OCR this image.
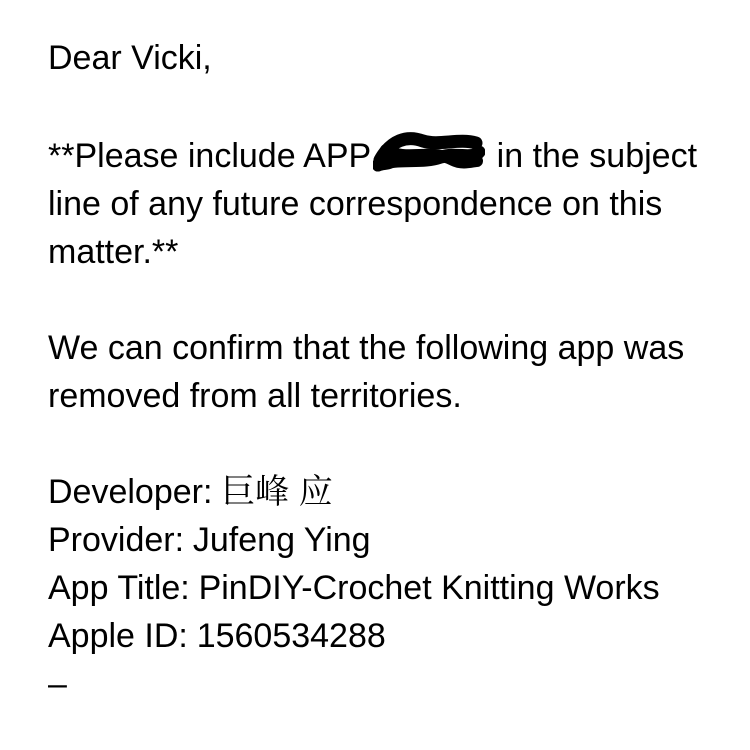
Dear Vicki,

**Please include APP	in the subject
line of any future correspondence on this
matter.**

We can confirm that the following app was
removed from all territories.

Developer: 巨峰 应
Provider: Jufeng Ying
App Title: PinDIY-Crochet Knitting Works
Apple ID: 1560534288
–
